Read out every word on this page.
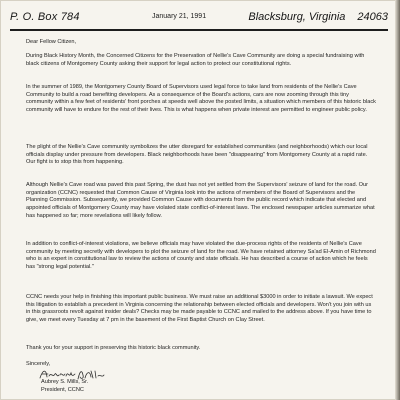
P. O. Box 784	January 21, 1991	Blacksburg, Virginia 24063
Dear Fellow Citizen,

During Black History Month, the Concerned Citizens for the Preservation of Nellie's Cave Community are doing a special fundraising with black citizens of Montgomery County asking their support for legal action to protect our constitutional rights.

In the summer of 1989, the Montgomery County Board of Supervisors used legal force to take land from residents of the Nellie's Cave Community to build a road benefiting developers. As a consequence of the Board's actions, cars are now zooming through this tiny community within a few feet of residents' front porches at speeds well above the posted limits, a situation which members of this historic black community will have to endure for the rest of their lives. This is what happens when private interest are permitted to engineer public policy.

The plight of the Nellie's Cave community symbolizes the utter disregard for established communities (and neighborhoods) which our local officials display under pressure from developers. Black neighborhoods have been "disappearing" from Montgomery County at a rapid rate. Our fight is to stop this from happening.

Although Nellie's Cave road was paved this past Spring, the dust has not yet settled from the Supervisors' seizure of land for the road. Our organization (CCNC) requested that Common Cause of Virginia look into the actions of members of the Board of Supervisors and the Planning Commission. Subsequently, we provided Common Cause with documents from the public record which indicate that elected and appointed officials of Montgomery County may have violated state conflict-of-interest laws. The enclosed newspaper articles summarize what has happened so far; more revelations will likely follow.

In addition to conflict-of-interest violations, we believe officials may have violated the due-process rights of the residents of Nellie's Cave community by meeting secretly with developers to plot the seizure of land for the road. We have retained attorney Sa'ad El-Amin of Richmond who is an expert in constitutional law to review the actions of county and state officials. He has described a course of action which he feels has "strong legal potential."

CCNC needs your help in finishing this important public business. We must raise an additional $3000 in order to initiate a lawsuit. We expect this litigation to establish a precedent in Virginia concerning the relationship between elected officials and developers. Won't you join with us in this grassroots revolt against insider deals? Checks may be made payable to CCNC and mailed to the address above. If you have time to give, we meet every Tuesday at 7 pm in the basement of the First Baptist Church on Clay Street.

Thank you for your support in preserving this historic black community.
Sincerely,
Aubrey S. Mills, Sr.
President, CCNC
